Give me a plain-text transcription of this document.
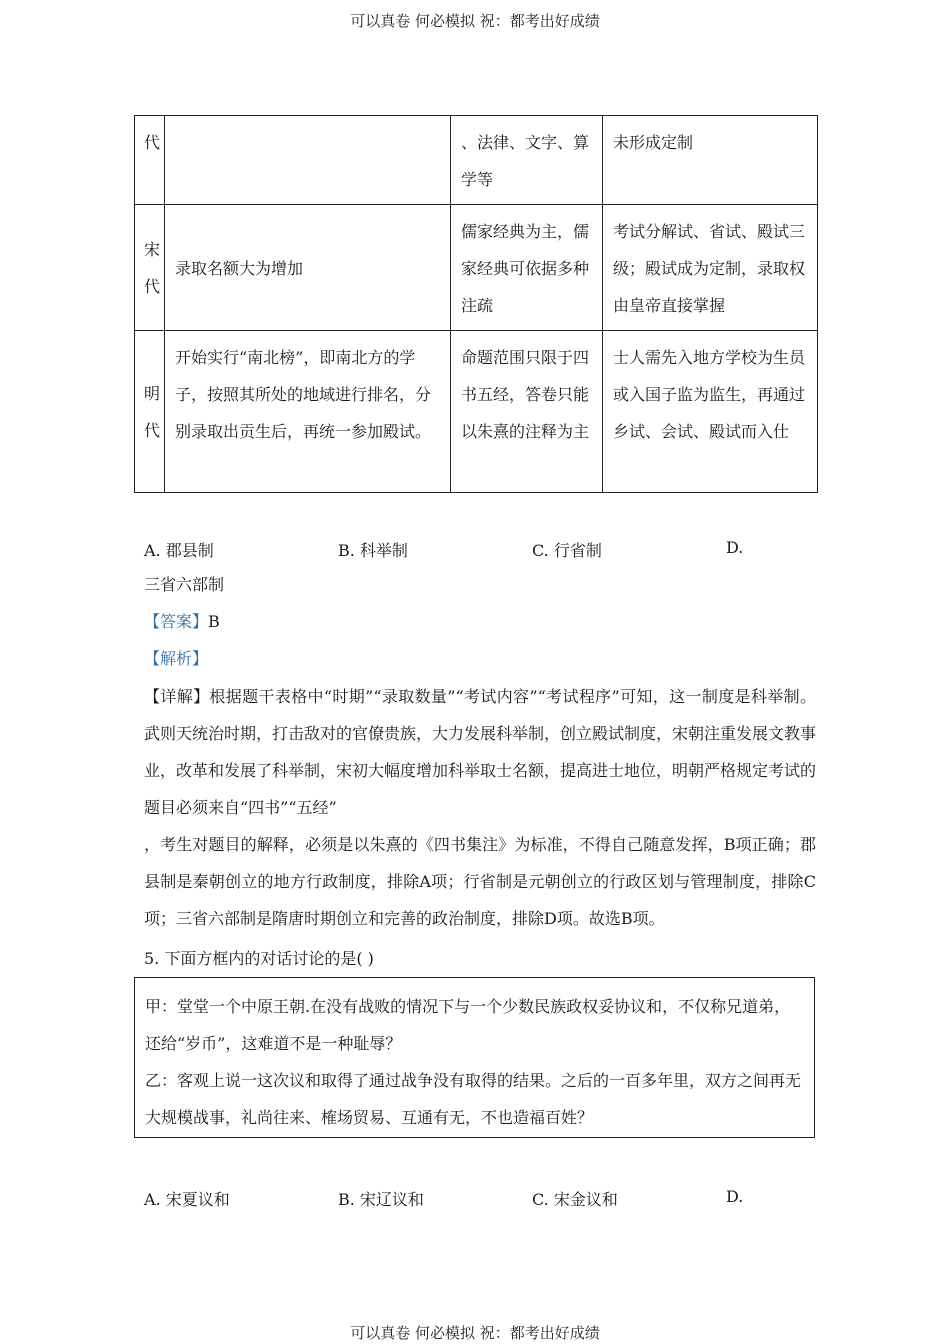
可以真卷 何必模拟 祝：都考出好成绩
代		、法律、文字、算学等	未形成定制
宋代	录取名额大为增加	儒家经典为主，儒家经典可依据多种注疏	考试分解试、省试、殿试三级；殿试成为定制，录取权由皇帝直接掌握
明代	开始实行“南北榜”，即南北方的学子，按照其所处的地域进行排名，分别录取出贡生后，再统一参加殿试。	命题范围只限于四书五经，答卷只能以朱熹的注释为主	士人需先入地方学校为生员或入国子监为监生，再通过乡试、会试、殿试而入仕
A. 郡县制	B. 科举制	C. 行省制	D.

三省六部制

【答案】B

【解析】

【详解】根据题干表格中“时期”“录取数量”“考试内容”“考试程序”可知，这一制度是科举制。武则天统治时期，打击敌对的官僚贵族，大力发展科举制，创立殿试制度，宋朝注重发展文教事业，改革和发展了科举制，宋初大幅度增加科举取士名额，提高进士地位，明朝严格规定考试的题目必须来自“四书”“五经”

，考生对题目的解释，必须是以朱熹的《四书集注》为标准，不得自己随意发挥，B项正确；郡县制是秦朝创立的地方行政制度，排除A项；行省制是元朝创立的行政区划与管理制度，排除C项；三省六部制是隋唐时期创立和完善的政治制度，排除D项。故选B项。

5. 下面方框内的对话讨论的是( )

甲：堂堂一个中原王朝.在没有战败的情况下与一个少数民族政权妥协议和，不仅称兄道弟，还给“岁币”，这难道不是一种耻辱？

乙：客观上说一这次议和取得了通过战争没有取得的结果。之后的一百多年里，双方之间再无大规模战事，礼尚往来、榷场贸易、互通有无，不也造福百姓？

A. 宋夏议和	B. 宋辽议和	C. 宋金议和	D.
可以真卷 何必模拟 祝：都考出好成绩
